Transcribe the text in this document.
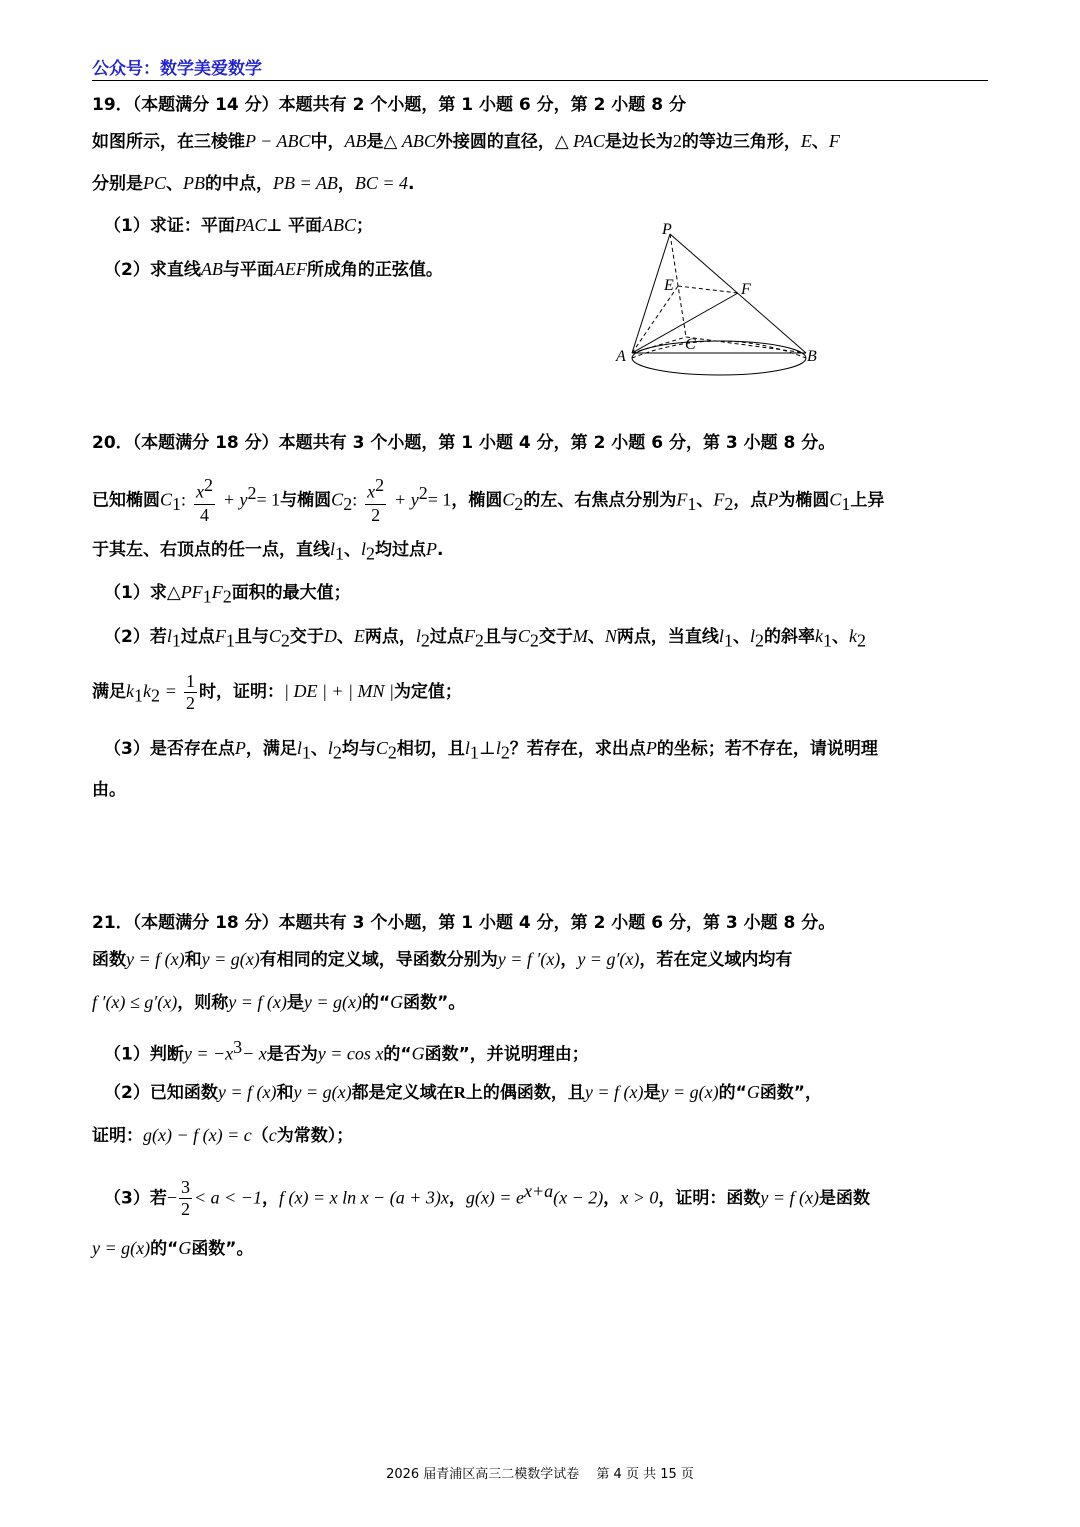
公众号：数学美爱数学
19．（本题满分 14 分）本题共有 2 个小题，第 1 小题 6 分，第 2 小题 8 分
如图所示，在三棱锥P − ABC中，AB是△ ABC外接圆的直径，△ PAC是边长为2的等边三角形，E、F
分别是PC、PB的中点，PB = AB，BC = 4.
（1）求证：平面PAC⊥ 平面ABC；
（2）求直线AB与平面AEF所成角的正弦值。
P
E	F
A
C
B
20．（本题满分 18 分）本题共有 3 个小题，第 1 小题 4 分，第 2 小题 6 分，第 3 小题 8 分。
已知椭圆$C_1$: $\frac{x^2}{4} + y^2= 1$与椭圆$C_2$: $\frac{x^2}{2} + y^2= 1$，椭圆$C_2$的左、右焦点分别为$F_1$、$F_2$，点P为椭圆$C_1$上异
于其左、右顶点的任一点，直线$l_1$、$l_2$均过点P.
（1）求$\triangle PF_1F_2$面积的最大值；
（2）若$l_1$过点$F_1$且与$C_2$交于D、E两点，$l_2$过点$F_2$且与$C_2$交于M、N两点，当直线$l_1$、$l_2$的斜率$k_1$、$k_2$
满足$k_1k_2 = \frac{1}{2}$ 时，证明：| DE | + | MN |为定值；
（3）是否存在点P，满足$l_1$、$l_2$均与$C_2$相切，且$l_1\perp l_2$？若存在，求出点P的坐标；若不存在，请说明理
由。
21．（本题满分 18 分）本题共有 3 个小题，第 1 小题 4 分，第 2 小题 6 分，第 3 小题 8 分。
函数y = f (x)和y = g(x)有相同的定义域，导函数分别为y = f ′(x)，y = g′(x)，若在定义域内均有
f ′(x) ≤ g′(x)，则称y = f (x)是y = g(x)的“G函数”。
（1）判断$y = -x^3- x$是否为y = cos x的“G函数”，并说明理由；
（2）已知函数y = f (x)和y = g(x)都是定义域在R上的偶函数，且y = f (x)是y = g(x)的“G函数”，
证明：g(x) − f (x) = c（c为常数）；
（3）若− $\frac{3}{2} < a < -1$，f (x) = x ln x − (a + 3)x，$g(x) = e^{x+a}(x - 2)$，x > 0，证明：函数y = f (x)是函数
y = g(x)的“G函数”。
2026 届青浦区高三二模数学试卷　 第 4 页 共 15 页
